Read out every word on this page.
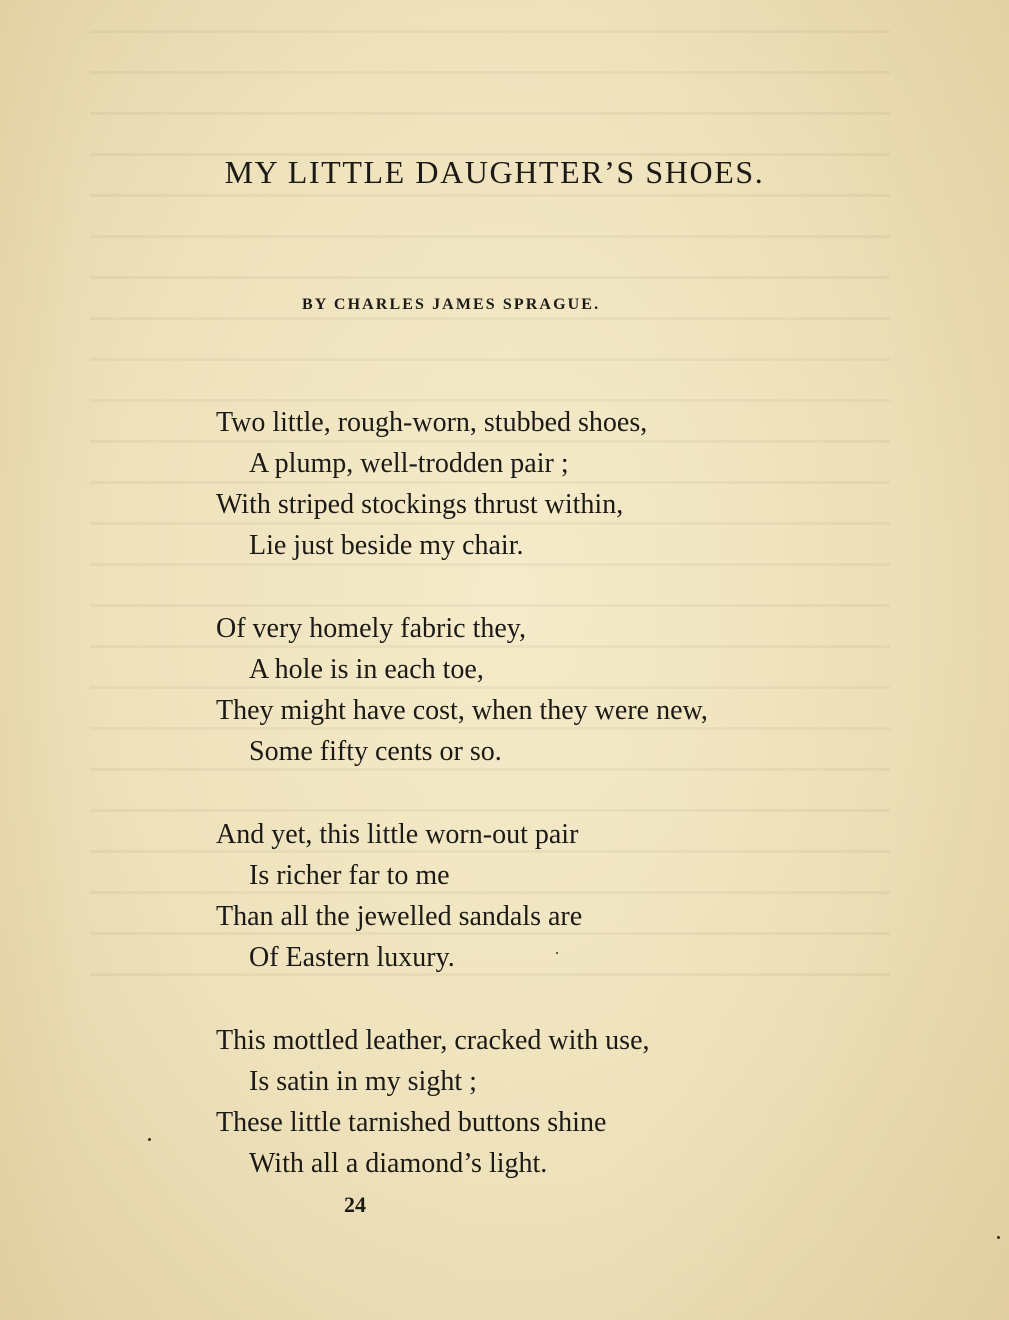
MY LITTLE DAUGHTER’S SHOES.

BY CHARLES JAMES SPRAGUE.

Two little, rough-worn, stubbed shoes,
A plump, well-trodden pair ;
With striped stockings thrust within,
Lie just beside my chair.
Of very homely fabric they,
A hole is in each toe,
They might have cost, when they were new,
Some fifty cents or so.
And yet, this little worn-out pair
Is richer far to me
Than all the jewelled sandals are
Of Eastern luxury.
This mottled leather, cracked with use,
Is satin in my sight ;
These little tarnished buttons shine
With all a diamond’s light.

24
